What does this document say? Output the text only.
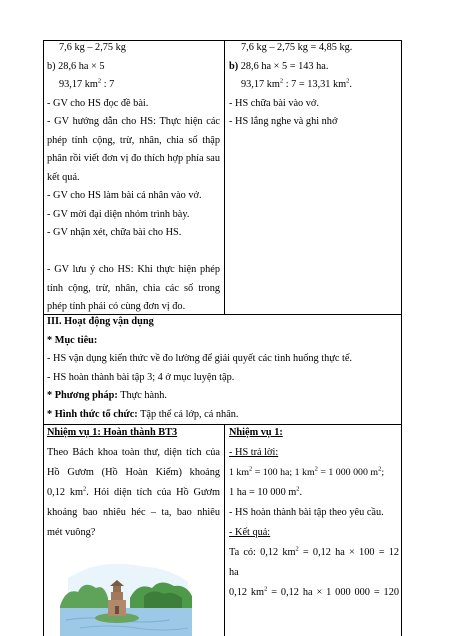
7,6 kg – 2,75 kg
b) 28,6 ha × 5
93,17 $km^2$ : 7
- GV cho HS đọc đề bài.
- GV hướng dẫn cho HS: Thực hiện các
phép tính cộng, trừ, nhân, chia số thập
phân rồi viết đơn vị đo thích hợp phía sau
kết quả.
- GV cho HS làm bài cá nhân vào vở.
- GV mời đại diện nhóm trình bày.
- GV nhận xét, chữa bài cho HS.

- GV lưu ý cho HS: Khi thực hiện phép
tính cộng, trừ, nhân, chia các số trong
phép tính phải có cùng đơn vị đo.
7,6 kg – 2,75 kg = 4,85 kg.
b) 28,6 ha × 5 = 143 ha.
93,17 $km^2$ : 7 = 13,31 $km^2$.
- HS chữa bài vào vở.
- HS lắng nghe và ghi nhớ
III. Hoạt động vận dụng
* Mục tiêu:
- HS vận dụng kiến thức về đo lường để giải quyết các tình huống thực tế.
- HS hoàn thành bài tập 3; 4 ở mục luyện tập.
* Phương pháp: Thực hành.
* Hình thức tổ chức: Tập thể cả lớp, cá nhân.
Nhiệm vụ 1: Hoàn thành BT3
Theo Bách khoa toàn thư, diện tích của
Hồ Gươm (Hồ Hoàn Kiếm) khoảng
0,12 $km^2$. Hỏi diện tích của Hồ Gươm
khoảng bao nhiêu héc – ta, bao nhiêu
mét vuông?
Nhiệm vụ 1:
- HS trả lời:
1 $km^2 = 100$ ha; 1 $km^2 = 1$ 000 000 $m^2$;
1 ha = 10 000 $m^2$.
- HS hoàn thành bài tập theo yêu cầu.
- Kết quả:
Ta có: 0,12 $km^2 = 0,12$ ha × 100 = 12
ha
0,12 $km^2 = 0,12$ ha × 1 000 000 = 120
